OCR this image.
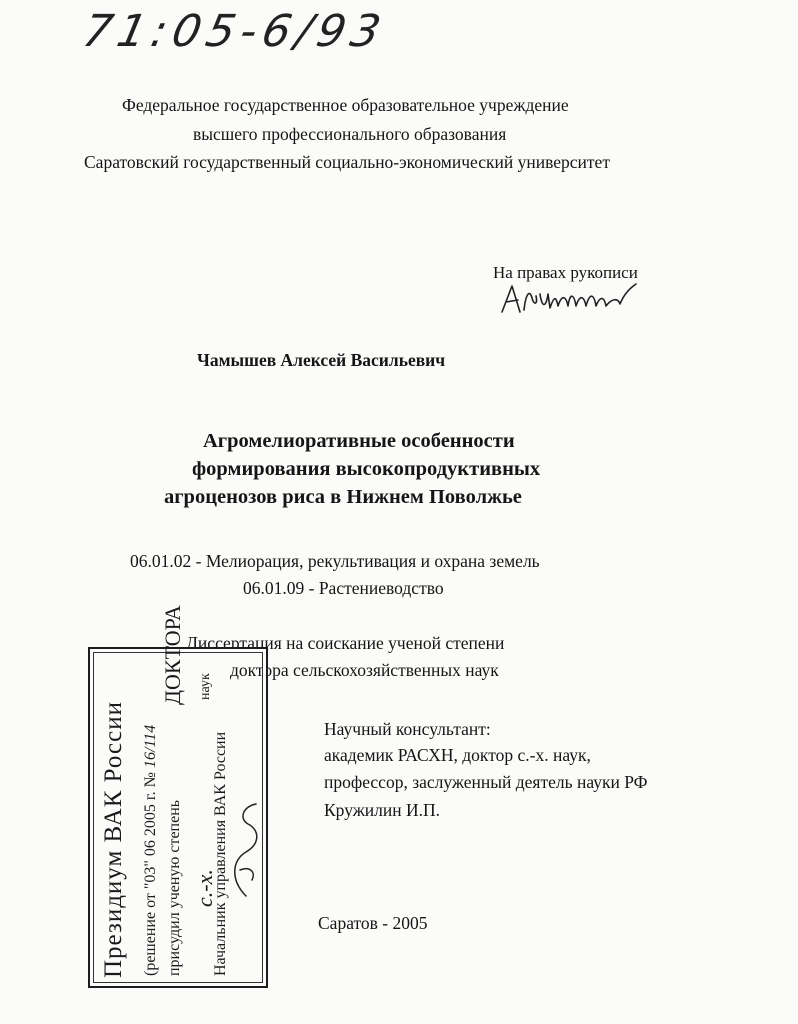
71:05-6/93
Федеральное государственное образовательное учреждение
высшего профессионального образования
Саратовский государственный социально-экономический университет
На правах рукописи
Чамышев Алексей Васильевич
Агромелиоративные особенности
формирования высокопродуктивных
агроценозов риса в Нижнем Поволжье
06.01.02 - Мелиорация, рекультивация и охрана земель
06.01.09 - Растениеводство
Диссертация на соискание ученой степени
доктора сельскохозяйственных наук
Научный консультант:
академик РАСХН, доктор с.-х. наук,
профессор, заслуженный деятель науки РФ
Кружилин И.П.
Саратов - 2005
Президиум ВАК России (решение от "03" 06 2005 г. № 16/114
присудил ученую степень
ДОКТОРА наук
с.-х.
Начальник управления ВАК России
